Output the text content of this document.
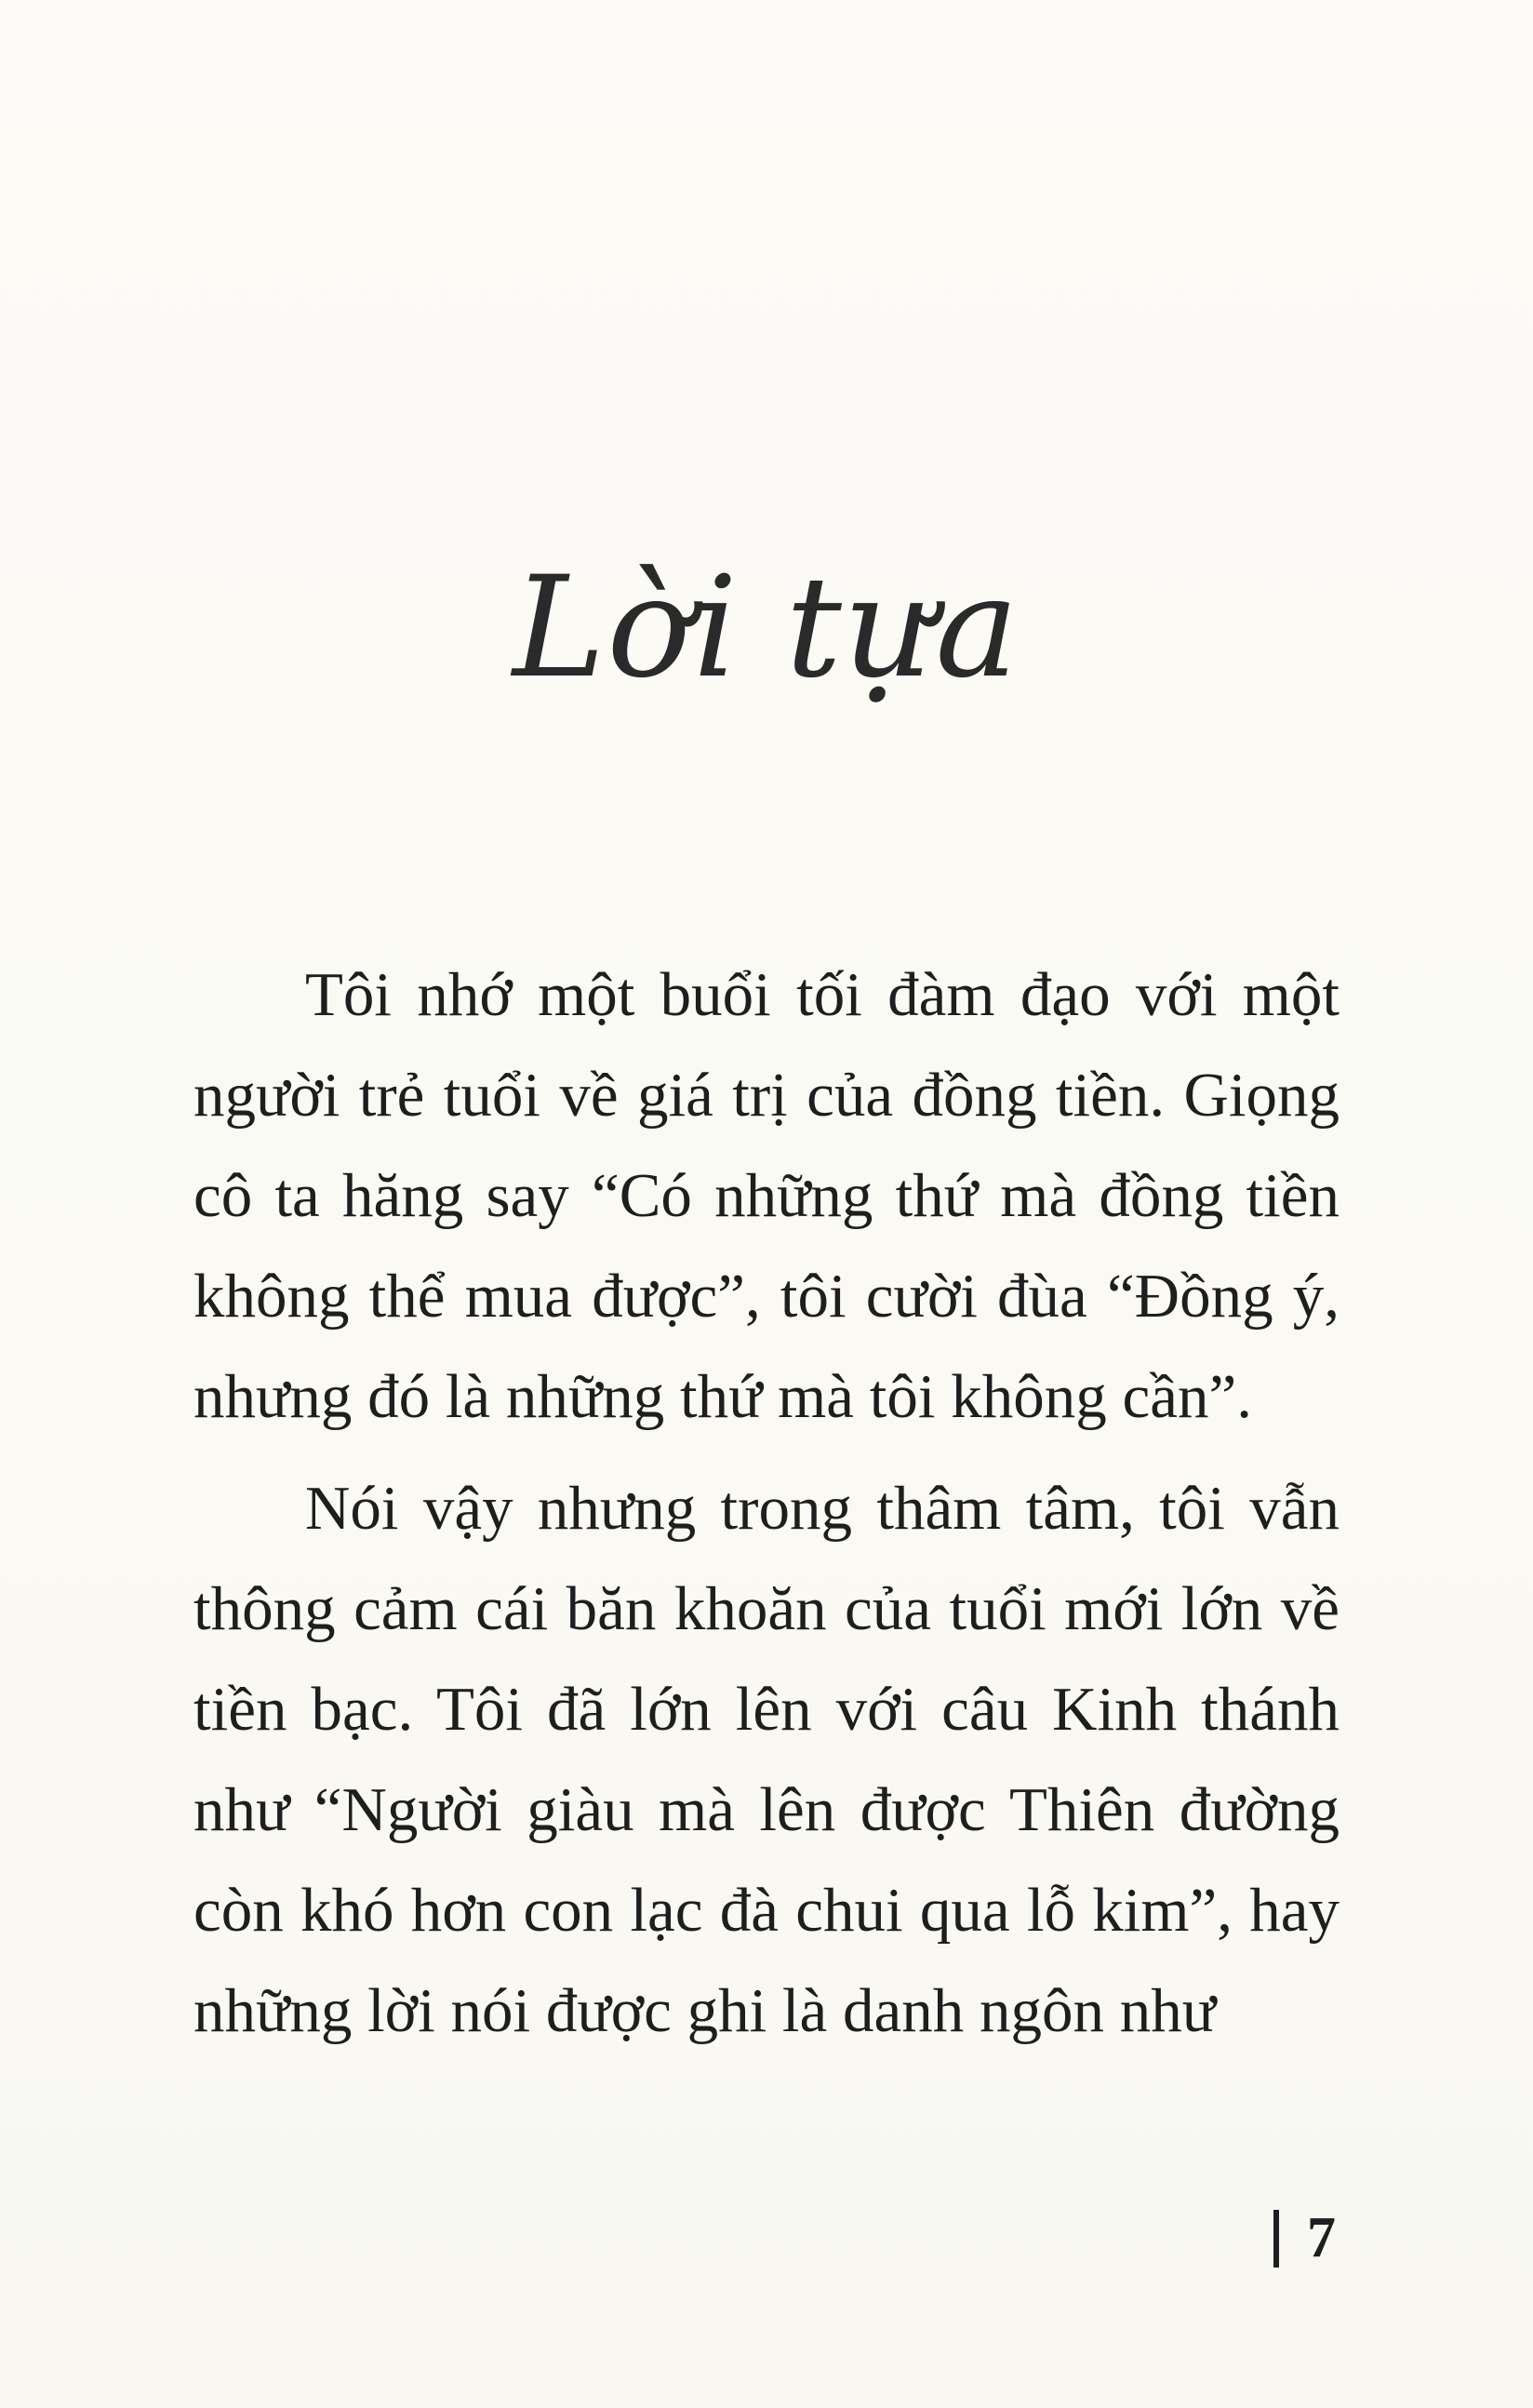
Lời tựa

Tôi nhớ một buổi tối đàm đạo với một người trẻ tuổi về giá trị của đồng tiền. Giọng cô ta hăng say “Có những thứ mà đồng tiền không thể mua được”, tôi cười đùa “Đồng ý, nhưng đó là những thứ mà tôi không cần”.

Nói vậy nhưng trong thâm tâm, tôi vẫn thông cảm cái băn khoăn của tuổi mới lớn về tiền bạc. Tôi đã lớn lên với câu Kinh thánh như “Người giàu mà lên được Thiên đường còn khó hơn con lạc đà chui qua lỗ kim”, hay những lời nói được ghi là danh ngôn như

7
